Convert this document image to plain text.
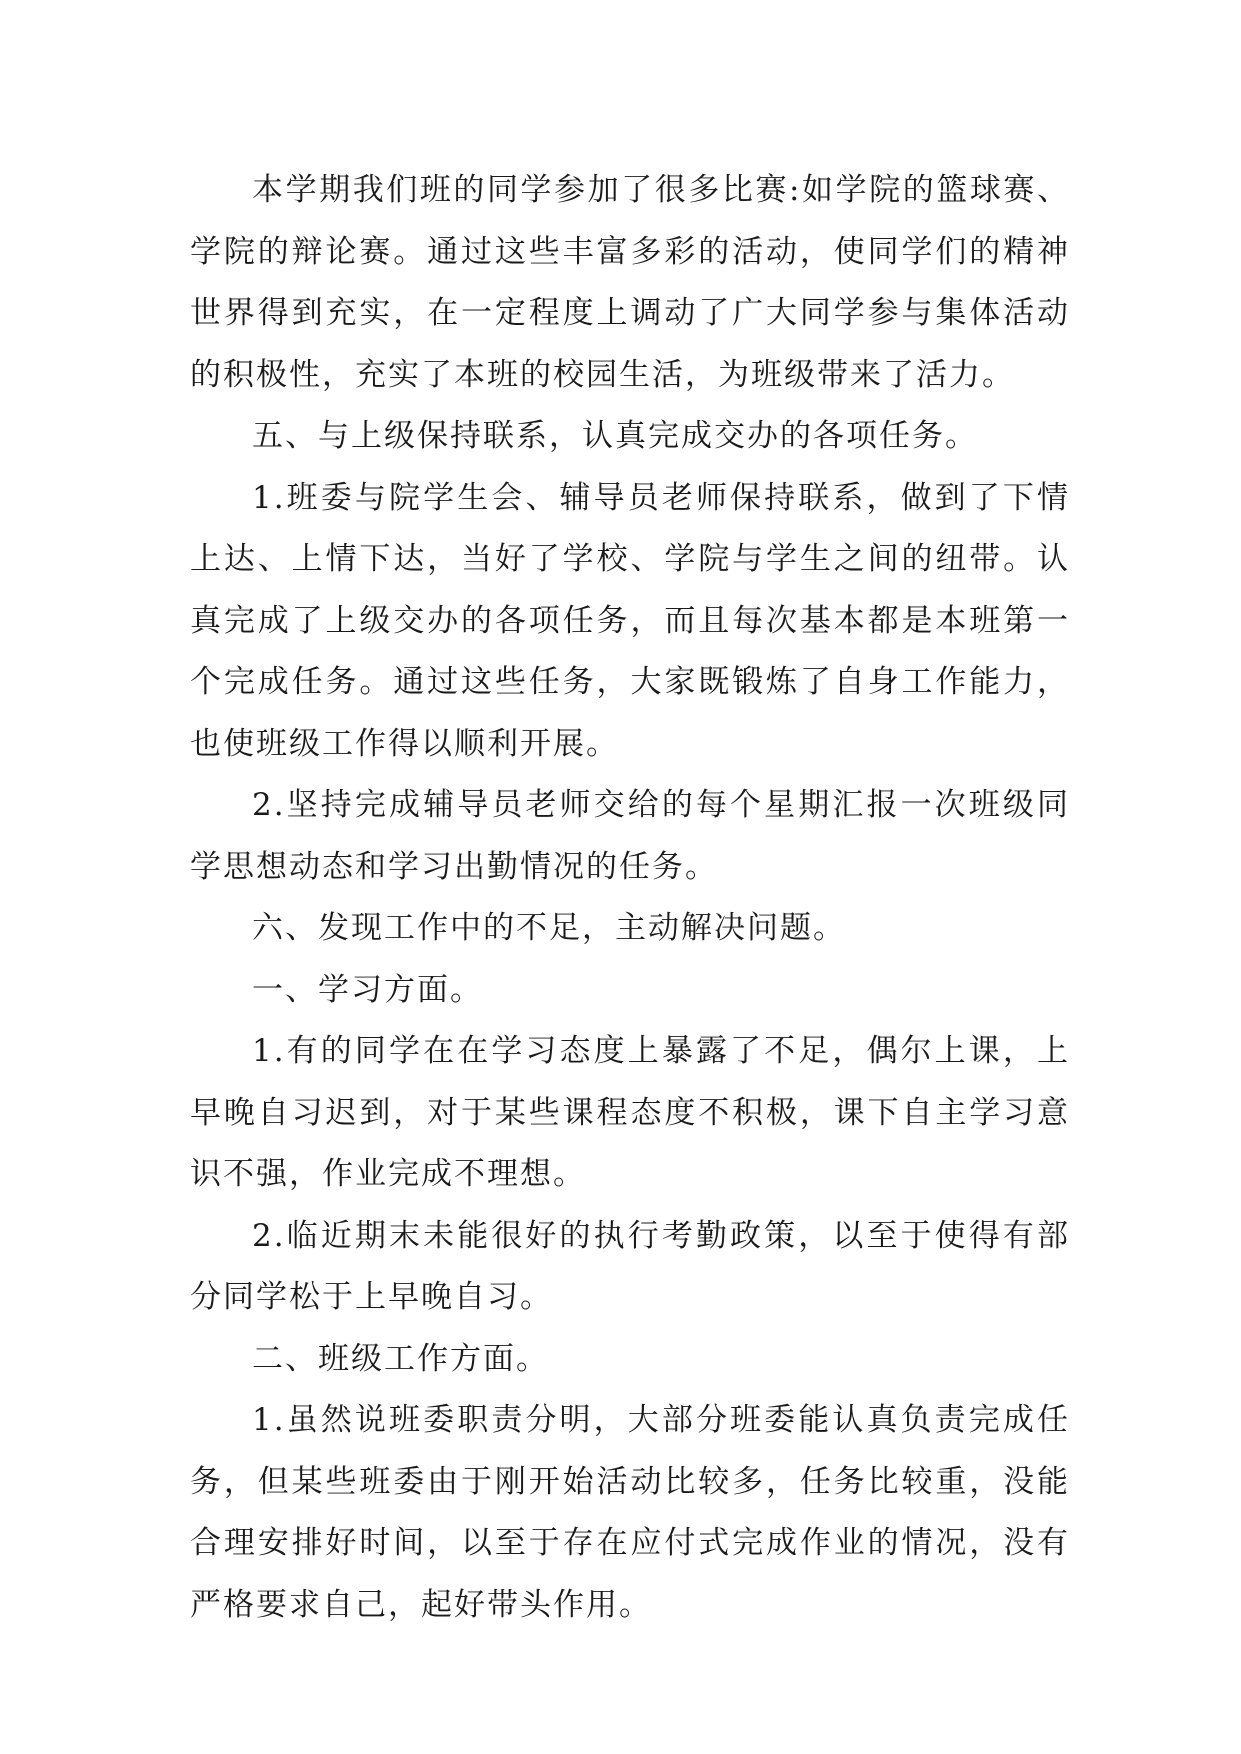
本学期我们班的同学参加了很多比赛:如学院的篮球赛、学院的辩论赛。通过这些丰富多彩的活动，使同学们的精神世界得到充实，在一定程度上调动了广大同学参与集体活动的积极性，充实了本班的校园生活，为班级带来了活力。

五、与上级保持联系，认真完成交办的各项任务。

1.班委与院学生会、辅导员老师保持联系，做到了下情上达、上情下达，当好了学校、学院与学生之间的纽带。认真完成了上级交办的各项任务，而且每次基本都是本班第一个完成任务。通过这些任务，大家既锻炼了自身工作能力，也使班级工作得以顺利开展。

2.坚持完成辅导员老师交给的每个星期汇报一次班级同学思想动态和学习出勤情况的任务。

六、发现工作中的不足，主动解决问题。

一、学习方面。

1.有的同学在在学习态度上暴露了不足，偶尔上课，上早晚自习迟到，对于某些课程态度不积极，课下自主学习意识不强，作业完成不理想。

2.临近期末未能很好的执行考勤政策，以至于使得有部分同学松于上早晚自习。

二、班级工作方面。

1.虽然说班委职责分明，大部分班委能认真负责完成任务，但某些班委由于刚开始活动比较多，任务比较重，没能合理安排好时间，以至于存在应付式完成作业的情况，没有严格要求自己，起好带头作用。
